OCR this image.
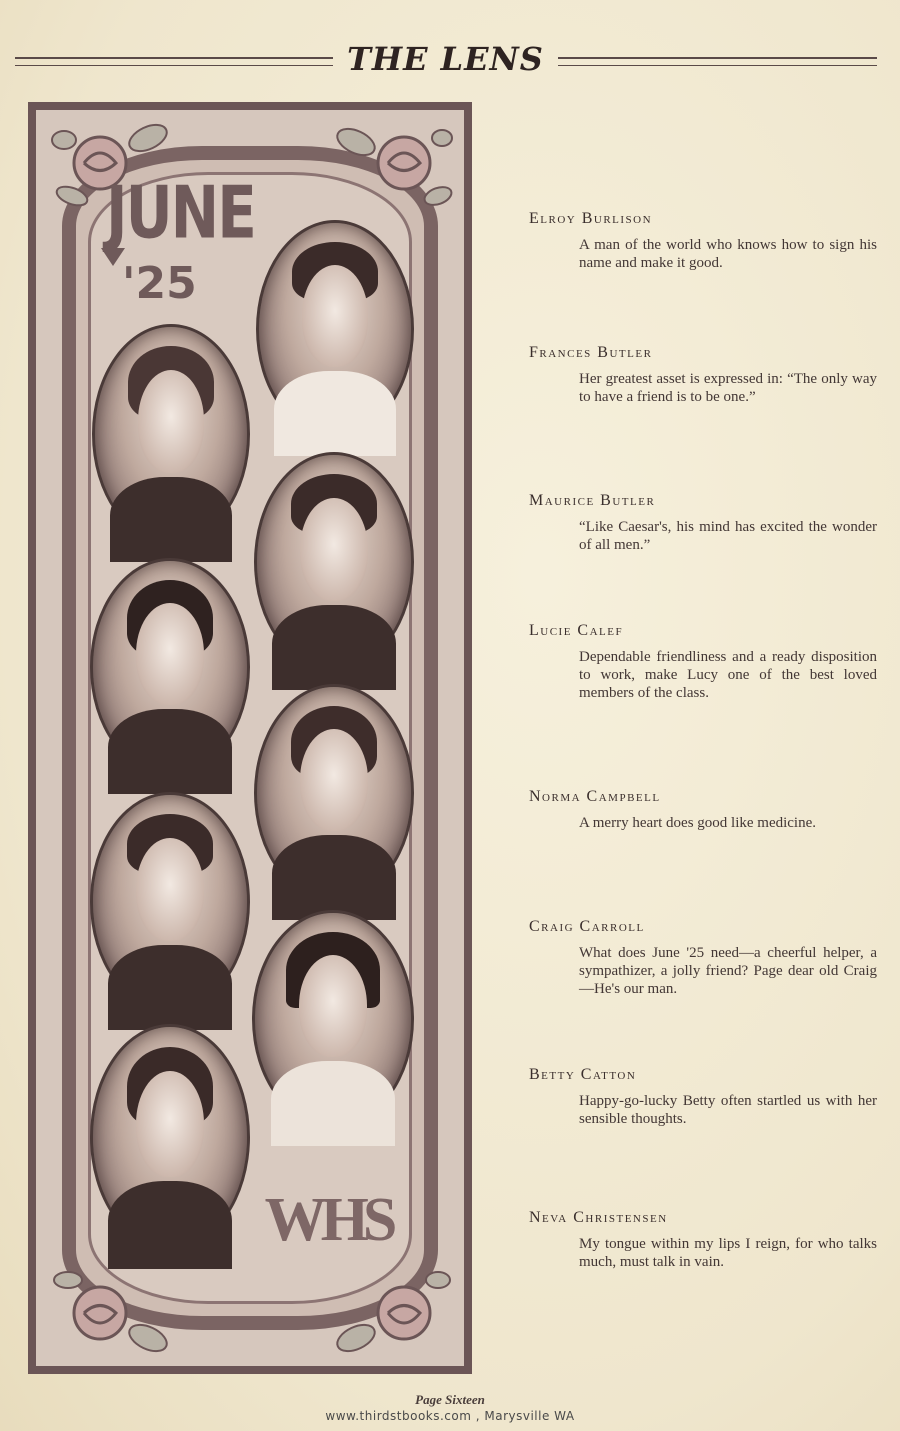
THE LENS
JUNE
'25
WHS

Elroy Burlison

A man of the world who knows how to sign his name and make it good.

Frances Butler

Her greatest asset is expressed in: “The only way to have a friend is to be one.”

Maurice Butler

“Like Caesar's, his mind has excited the wonder of all men.”

Lucie Calef

Dependable friendliness and a ready disposition to work, make Lucy one of the best loved members of the class.

Norma Campbell

A merry heart does good like medicine.

Craig Carroll

What does June '25 need—a cheerful helper, a sympathizer, a jolly friend? Page dear old Craig—He's our man.

Betty Catton

Happy-go-lucky Betty often startled us with her sensible thoughts.

Neva Christensen

My tongue within my lips I reign, for who talks much, must talk in vain.

Page Sixteen
www.thirdstbooks.com , Marysville WA
